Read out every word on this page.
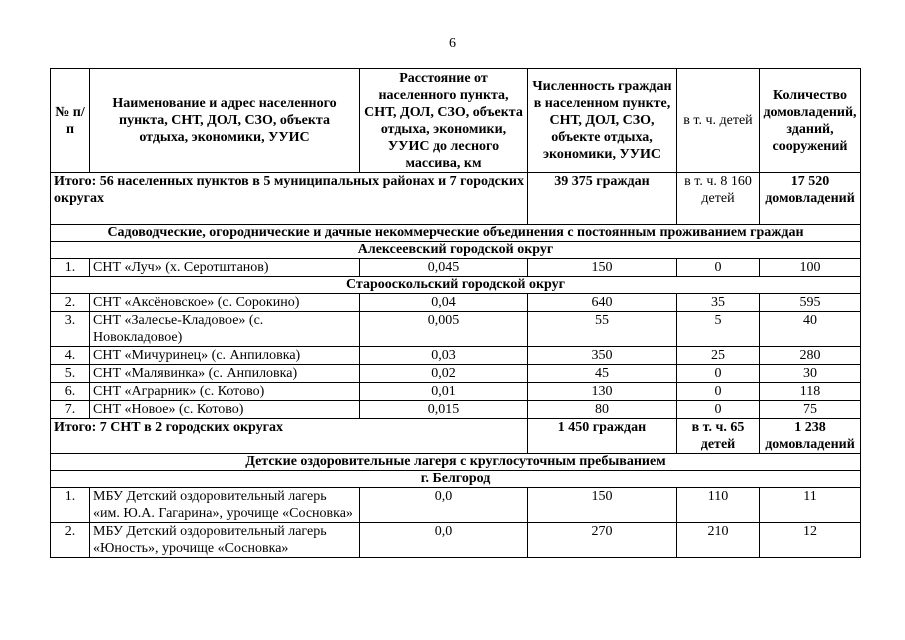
6
№ п/п	Наименование и адрес населенного пункта, СНТ, ДОЛ, СЗО, объекта отдыха, экономики, УУИС	Расстояние от населенного пункта, СНТ, ДОЛ, СЗО, объекта отдыха, экономики, УУИС до лесного массива, км	Численность граждан в населенном пункте, СНТ, ДОЛ, СЗО, объекте отдыха, экономики, УУИС	в т. ч. детей	Количество домовладений, зданий, сооружений
Итого: 56 населенных пунктов в 5 муниципальных районах и 7 городских округах			39 375 граждан	в т. ч. 8 160 детей	17 520 домовладений
Садоводческие, огороднические и дачные некоммерческие объединения с постоянным проживанием граждан					
Алексеевский городской округ					
1.	СНТ «Луч» (х. Серотштанов)	0,045	150	0	100
Старооскольский городской округ					
2.	СНТ «Аксёновское» (с. Сорокино)	0,04	640	35	595
3.	СНТ «Залесье-Кладовое» (с. Новокладовое)	0,005	55	5	40
4.	СНТ «Мичуринец» (с. Анпиловка)	0,03	350	25	280
5.	СНТ «Малявинка» (с. Анпиловка)	0,02	45	0	30
6.	СНТ «Аграрник» (с. Котово)	0,01	130	0	118
7.	СНТ «Новое» (с. Котово)	0,015	80	0	75
Итого: 7 СНТ в 2 городских округах			1 450 граждан	в т. ч. 65 детей	1 238 домовладений
Детские оздоровительные лагеря с круглосуточным пребыванием					
г. Белгород					
1.	МБУ Детский оздоровительный лагерь «им. Ю.А. Гагарина», урочище «Сосновка»	0,0	150	110	11
2.	МБУ Детский оздоровительный лагерь «Юность», урочище «Сосновка»	0,0	270	210	12
